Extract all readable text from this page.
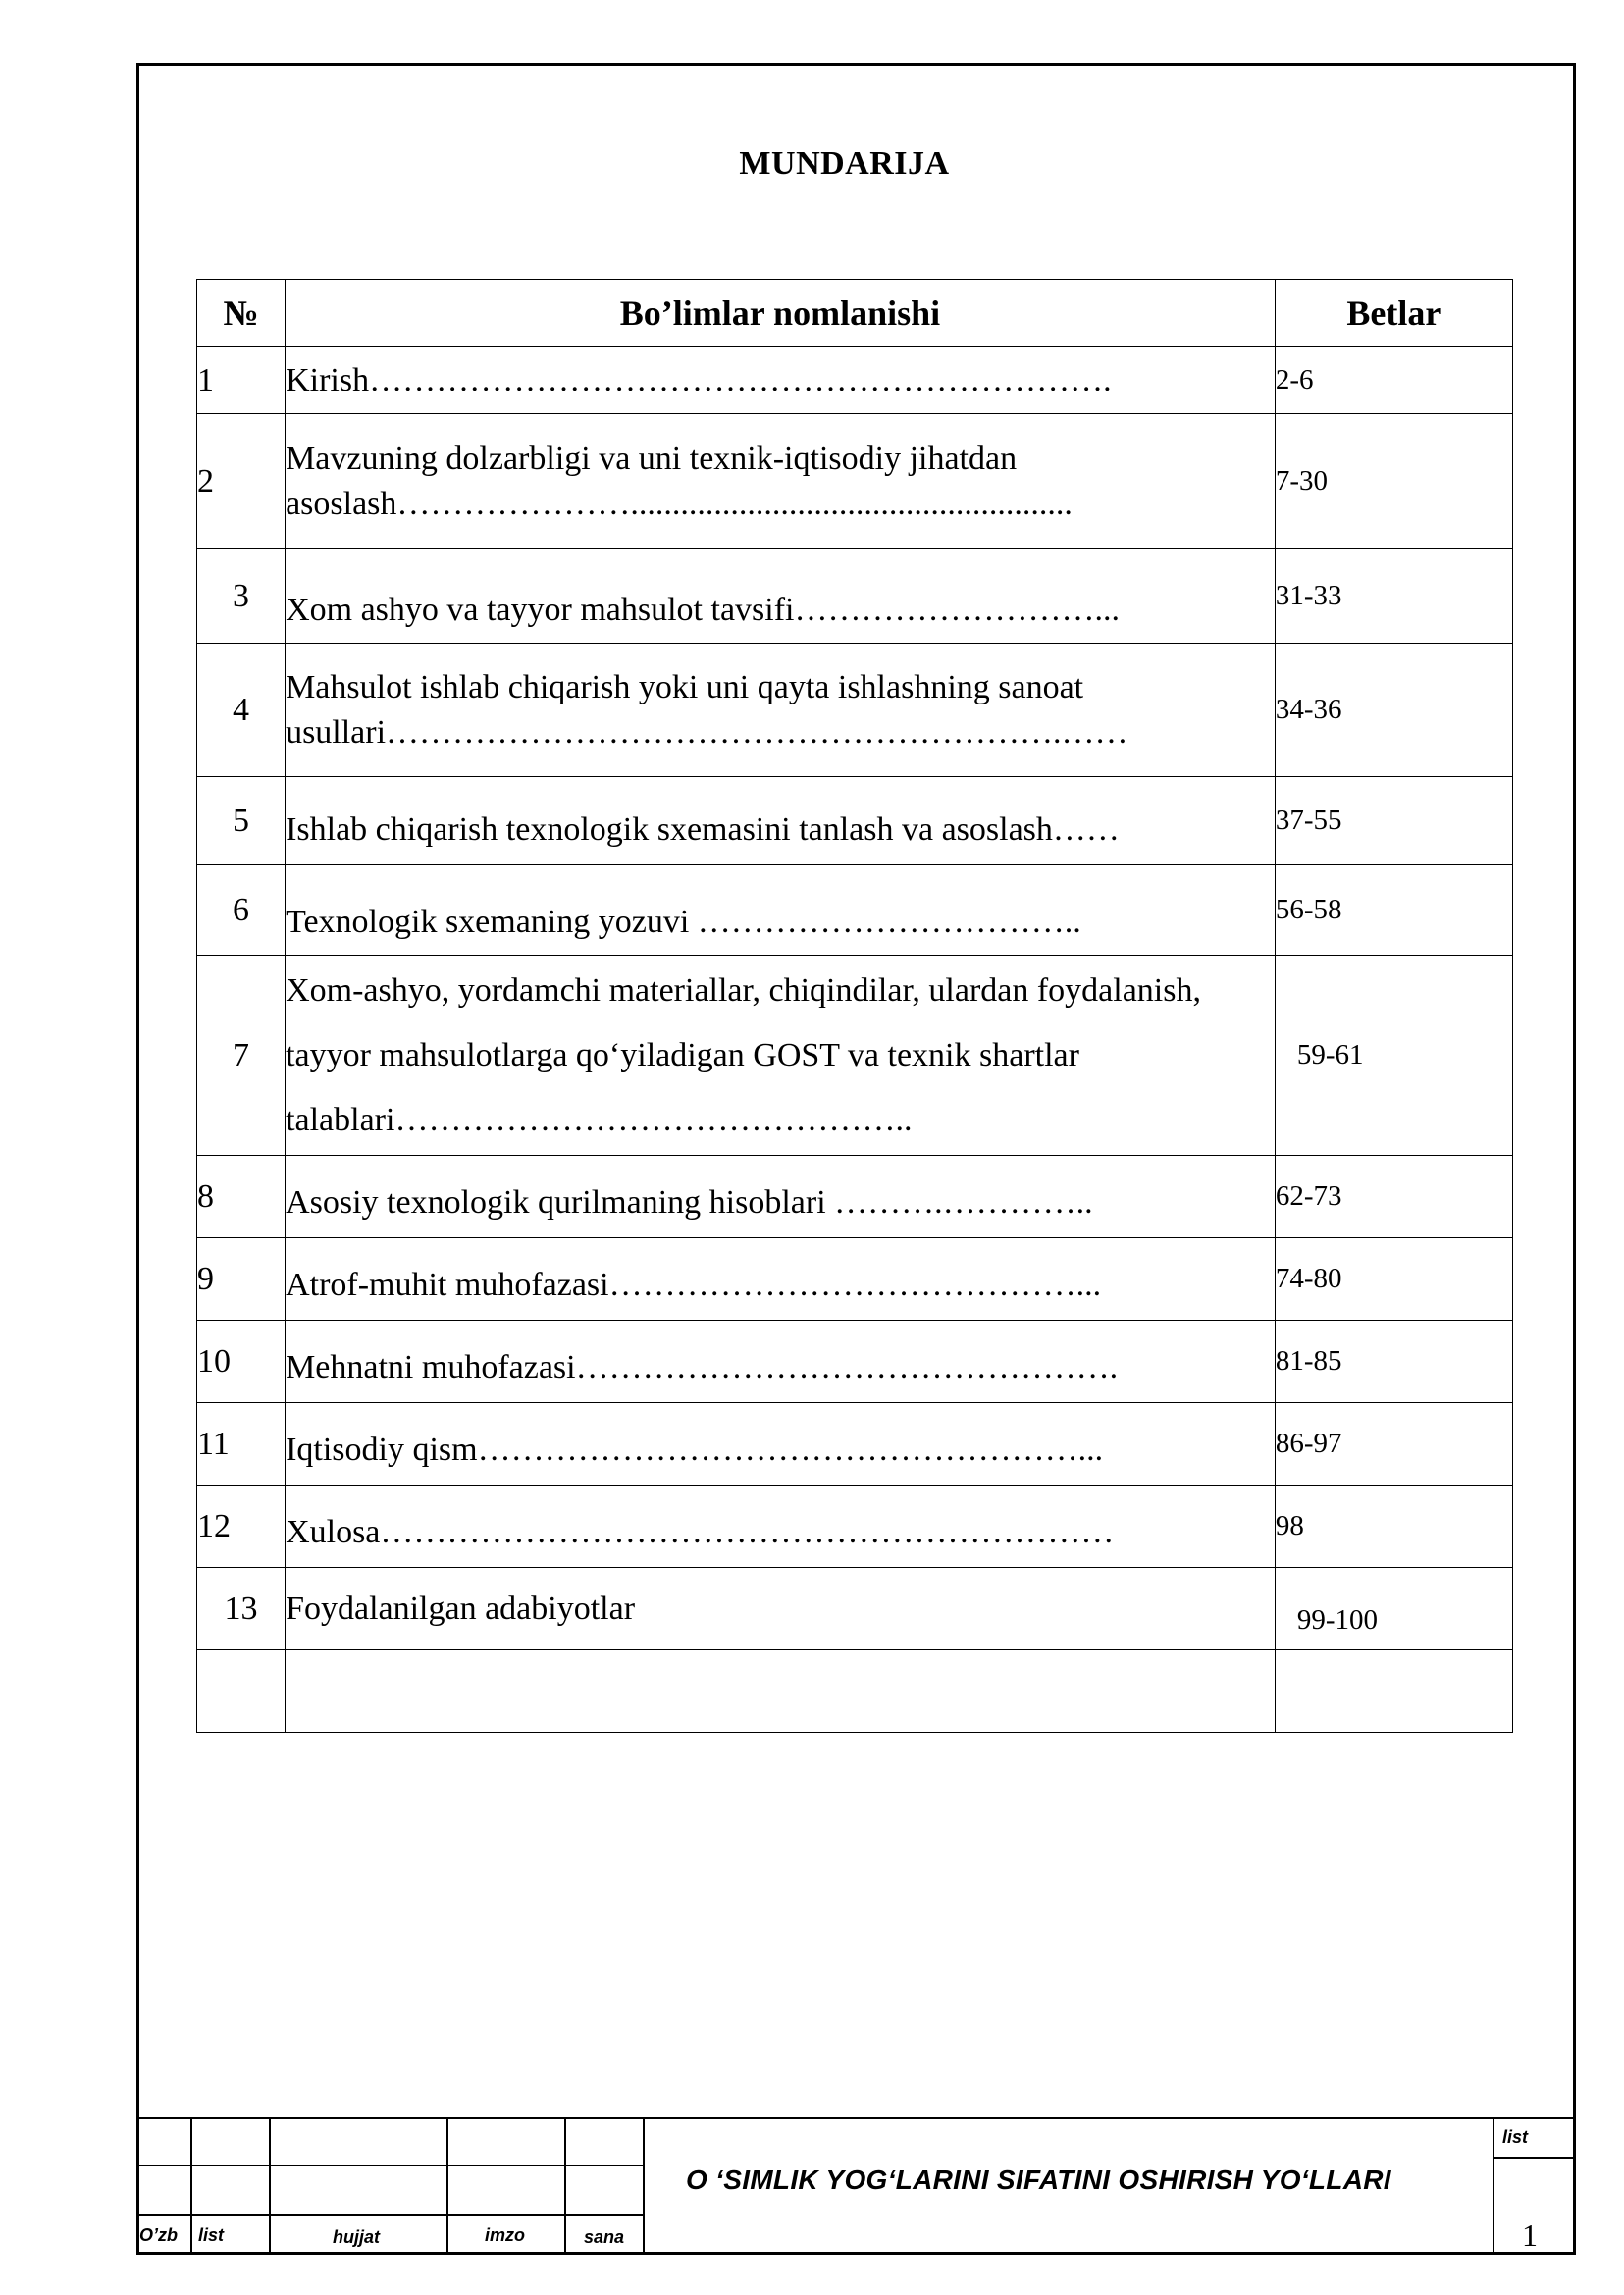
MUNDARIJA
№	Bo’limlar nomlanishi	Betlar
1	Kirish………………………………………………………….	2-6
2	Mavzuning dolzarbligi va uni texnik-iqtisodiy jihatdan asoslash………………….....................................................	7-30
3	Xom ashyo va tayyor mahsulot tavsifi………………………...	31-33
4	Mahsulot ishlab chiqarish yoki uni qayta ishlashning sanoat usullari…………………………………………………….……	34-36
5	Ishlab chiqarish texnologik sxemasini tanlash va asoslash……	37-55
6	Texnologik sxemaning yozuvi ……………………………..	56-58
7	Xom-ashyo, yordamchi materiallar, chiqindilar, ulardan foydalanish, tayyor mahsulotlarga qo‘yiladigan GOST va texnik shartlar talablari………………………………………..	59-61
8	Asosiy texnologik qurilmaning hisoblari ……….…………..	62-73
9	Atrof-muhit muhofazasi……………………………………...	74-80
10	Mehnatni muhofazasi………………………………………….	81-85
11	Iqtisodiy qism………………………………………………...	86-97
12	Xulosa…………………………………………………………	98
13	Foydalanilgan adabiyotlar	99-100

O’zb list	hujjat	imzo	sana
list
O ‘SIMLIK YOG‘LARINI SIFATINI OSHIRISH YO‘LLARI
1
